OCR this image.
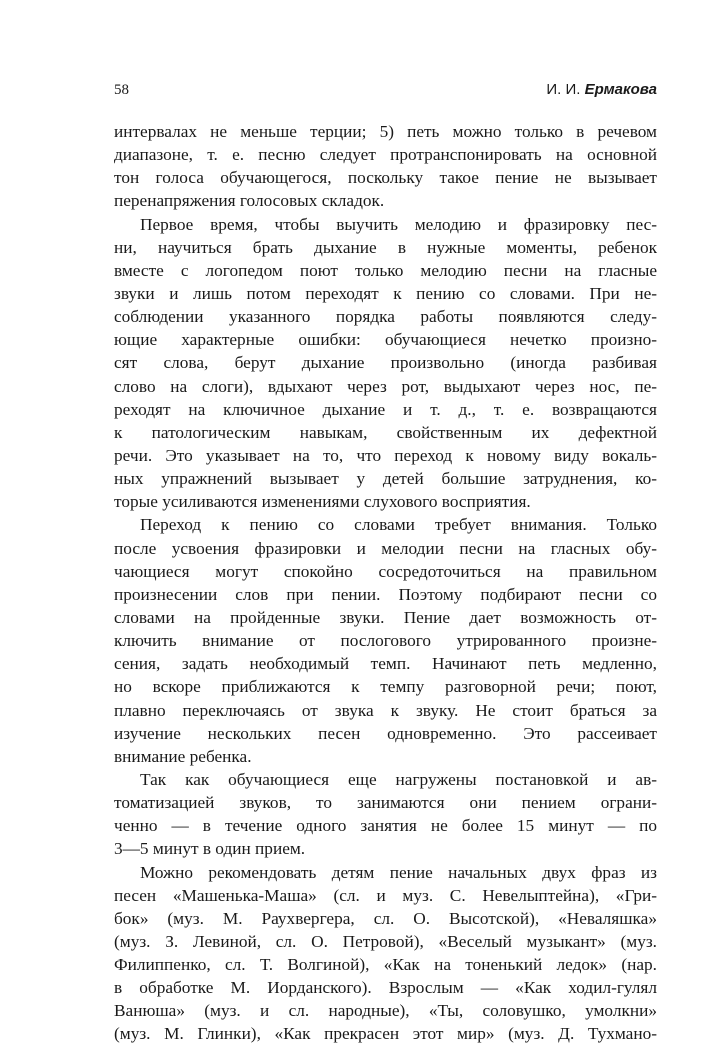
58	И. И. Ермакова
интервалах не меньше терции; 5) петь можно только в речевом
диапазоне, т. е. песню следует протранспонировать на основной
тон голоса обучающегося, поскольку такое пение не вызывает
перенапряжения голосовых складок.
Первое время, чтобы выучить мелодию и фразировку пес-
ни, научиться брать дыхание в нужные моменты, ребенок
вместе с логопедом поют только мелодию песни на гласные
звуки и лишь потом переходят к пению со словами. При не-
соблюдении указанного порядка работы появляются следу-
ющие характерные ошибки: обучающиеся нечетко произно-
сят слова, берут дыхание произвольно (иногда разбивая
слово на слоги), вдыхают через рот, выдыхают через нос, пе-
реходят на ключичное дыхание и т. д., т. е. возвращаются
к патологическим навыкам, свойственным их дефектной
речи. Это указывает на то, что переход к новому виду вокаль-
ных упражнений вызывает у детей большие затруднения, ко-
торые усиливаются изменениями слухового восприятия.
Переход к пению со словами требует внимания. Только
после усвоения фразировки и мелодии песни на гласных обу-
чающиеся могут спокойно сосредоточиться на правильном
произнесении слов при пении. Поэтому подбирают песни со
словами на пройденные звуки. Пение дает возможность от-
ключить внимание от послогового утрированного произне-
сения, задать необходимый темп. Начинают петь медленно,
но вскоре приближаются к темпу разговорной речи; поют,
плавно переключаясь от звука к звуку. Не стоит браться за
изучение нескольких песен одновременно. Это рассеивает
внимание ребенка.
Так как обучающиеся еще нагружены постановкой и ав-
томатизацией звуков, то занимаются они пением ограни-
ченно — в течение одного занятия не более 15 минут — по
3—5 минут в один прием.
Можно рекомендовать детям пение начальных двух фраз из
песен «Машенька-Маша» (сл. и муз. С. Невелыптейна), «Гри-
бок» (муз. М. Раухвергера, сл. О. Высотской), «Неваляшка»
(муз. З. Левиной, сл. О. Петровой), «Веселый музыкант» (муз.
Филиппенко, сл. Т. Волгиной), «Как на тоненький ледок» (нар.
в обработке М. Иорданского). Взрослым — «Как ходил-гулял
Ванюша» (муз. и сл. народные), «Ты, соловушко, умолкни»
(муз. М. Глинки), «Как прекрасен этот мир» (муз. Д. Тухмано-
